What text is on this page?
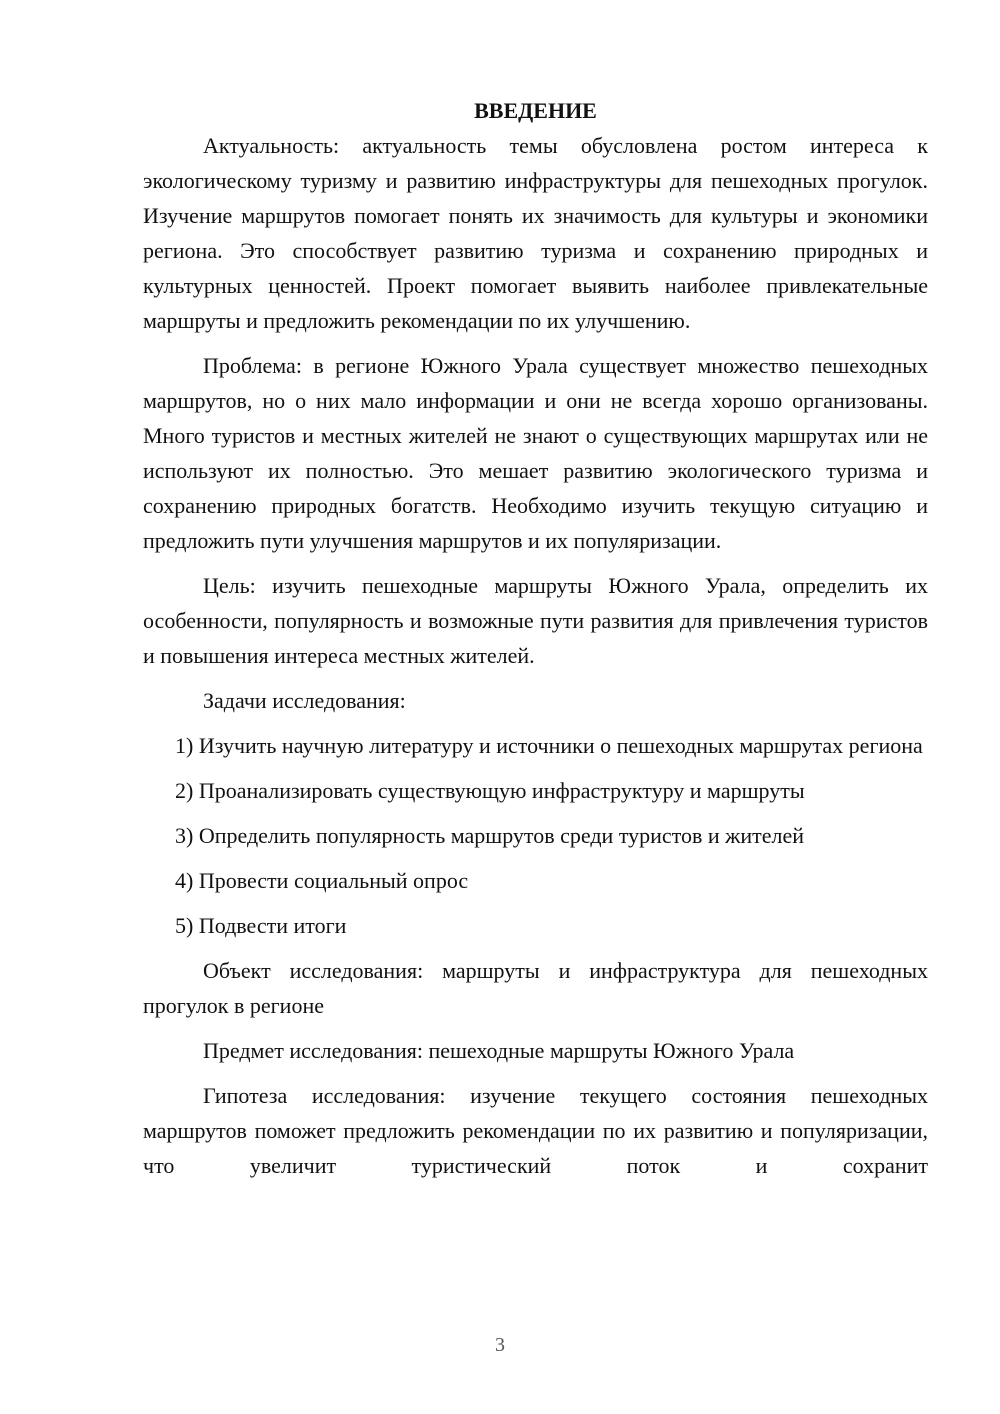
ВВЕДЕНИЕ

Актуальность: актуальность темы обусловлена ростом интереса к экологическому туризму и развитию инфраструктуры для пешеходных прогулок. Изучение маршрутов помогает понять их значимость для культуры и экономики региона. Это способствует развитию туризма и сохранению природных и культурных ценностей. Проект помогает выявить наиболее привлекательные маршруты и предложить рекомендации по их улучшению.

Проблема: в регионе Южного Урала существует множество пешеходных маршрутов, но о них мало информации и они не всегда хорошо организованы. Много туристов и местных жителей не знают о существующих маршрутах или не используют их полностью. Это мешает развитию экологического туризма и сохранению природных богатств. Необходимо изучить текущую ситуацию и предложить пути улучшения маршрутов и их популяризации.

Цель: изучить пешеходные маршруты Южного Урала, определить их особенности, популярность и возможные пути развития для привлечения туристов и повышения интереса местных жителей.

Задачи исследования:

1) Изучить научную литературу и источники о пешеходных маршрутах региона

2) Проанализировать существующую инфраструктуру и маршруты

3) Определить популярность маршрутов среди туристов и жителей

4) Провести социальный опрос

5) Подвести итоги

Объект исследования: маршруты и инфраструктура для пешеходных прогулок в регионе

Предмет исследования: пешеходные маршруты Южного Урала

Гипотеза исследования: изучение текущего состояния пешеходных маршрутов поможет предложить рекомендации по их развитию и популяризации, что увеличит туристический поток и сохранит

3
